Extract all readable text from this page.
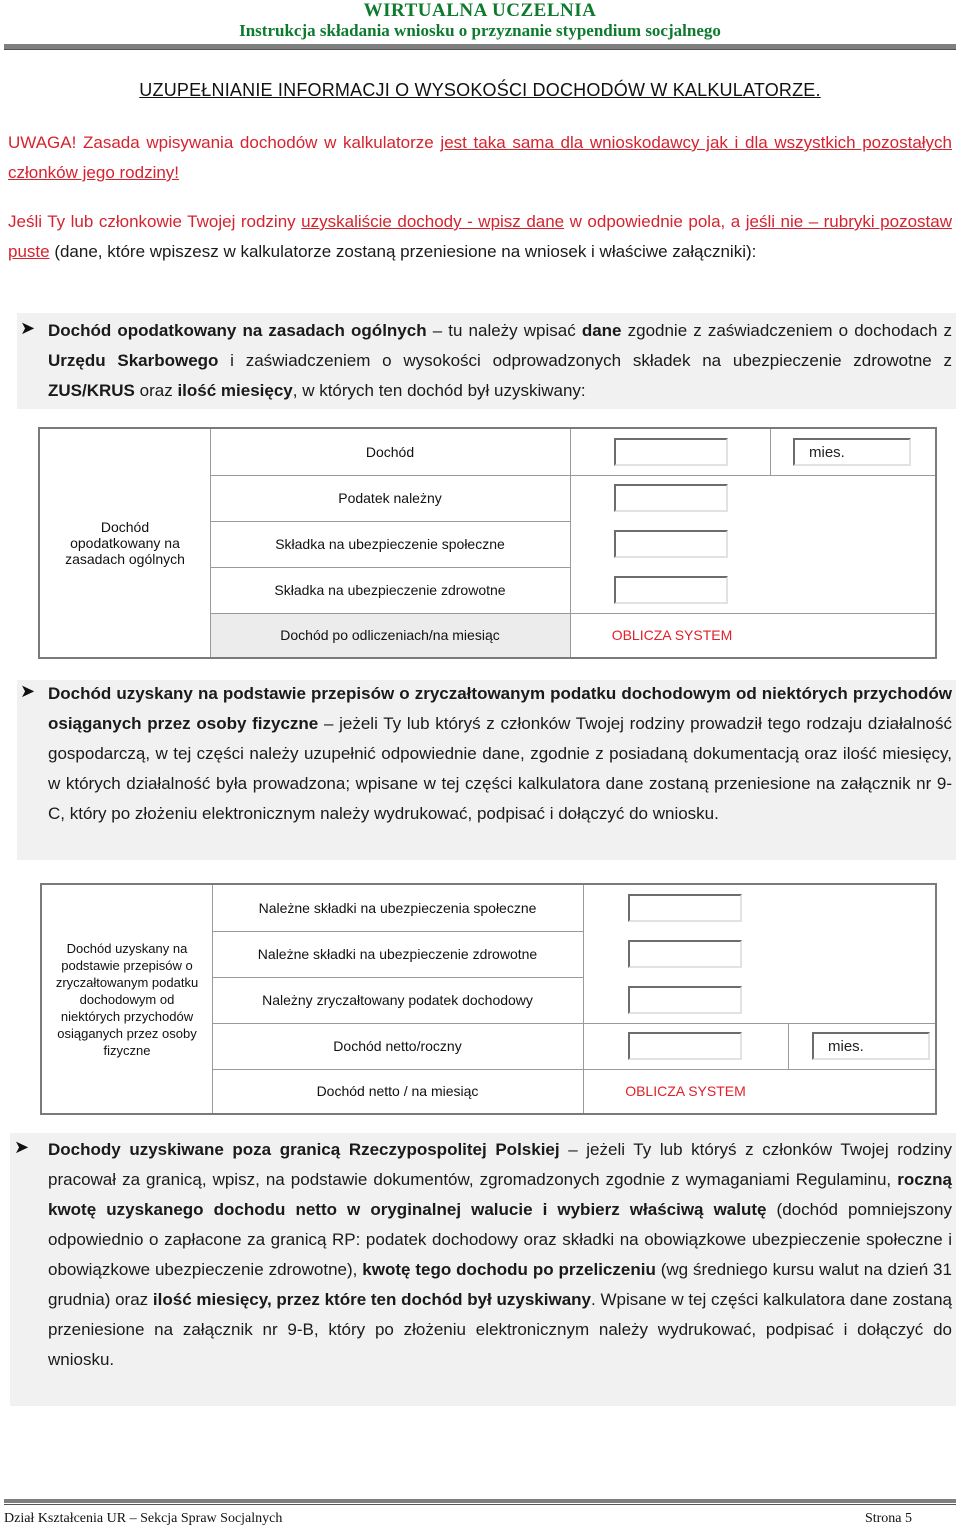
WIRTUALNA UCZELNIA
Instrukcja składania wniosku o przyznanie stypendium socjalnego
UZUPEŁNIANIE INFORMACJI O WYSOKOŚCI DOCHODÓW W KALKULATORZE.
UWAGA! Zasada wpisywania dochodów w kalkulatorze jest taka sama dla wnioskodawcy jak i dla wszystkich pozostałych członków jego rodziny!
Jeśli Ty lub członkowie Twojej rodziny uzyskaliście dochody - wpisz dane w odpowiednie pola, a jeśli nie – rubryki pozostaw puste (dane, które wpiszesz w kalkulatorze zostaną przeniesione na wniosek i właściwe załączniki):
➤ Dochód opodatkowany na zasadach ogólnych – tu należy wpisać dane zgodnie z zaświadczeniem o dochodach z Urzędu Skarbowego i zaświadczeniem o wysokości odprowadzonych składek na ubezpieczenie zdrowotne z ZUS/KRUS oraz ilość miesięcy, w których ten dochód był uzyskiwany:
Dochód opodatkowany na zasadach ogólnych
Dochód
Podatek należny
Składka na ubezpieczenie społeczne
Składka na ubezpieczenie zdrowotne
Dochód po odliczeniach/na miesiąc
mies.
OBLICZA SYSTEM
➤ Dochód uzyskany na podstawie przepisów o zryczałtowanym podatku dochodowym od niektórych przychodów osiąganych przez osoby fizyczne – jeżeli Ty lub któryś z członków Twojej rodziny prowadził tego rodzaju działalność gospodarczą, w tej części należy uzupełnić odpowiednie dane, zgodnie z posiadaną dokumentacją oraz ilość miesięcy, w których działalność była prowadzona; wpisane w tej części kalkulatora dane zostaną przeniesione na załącznik nr 9-C, który po złożeniu elektronicznym należy wydrukować, podpisać i dołączyć do wniosku.
Dochód uzyskany na podstawie przepisów o zryczałtowanym podatku dochodowym od niektórych przychodów osiąganych przez osoby fizyczne
Należne składki na ubezpieczenia społeczne
Należne składki na ubezpieczenie zdrowotne
Należny zryczałtowany podatek dochodowy
Dochód netto/roczny
Dochód netto / na miesiąc
mies.
OBLICZA SYSTEM
➤ Dochody uzyskiwane poza granicą Rzeczypospolitej Polskiej – jeżeli Ty lub któryś z członków Twojej rodziny pracował za granicą, wpisz, na podstawie dokumentów, zgromadzonych zgodnie z wymaganiami Regulaminu, roczną kwotę uzyskanego dochodu netto w oryginalnej walucie i wybierz właściwą walutę (dochód pomniejszony odpowiednio o zapłacone za granicą RP: podatek dochodowy oraz składki na obowiązkowe ubezpieczenie społeczne i obowiązkowe ubezpieczenie zdrowotne), kwotę tego dochodu po przeliczeniu (wg średniego kursu walut na dzień 31 grudnia) oraz ilość miesięcy, przez które ten dochód był uzyskiwany. Wpisane w tej części kalkulatora dane zostaną przeniesione na załącznik nr 9-B, który po złożeniu elektronicznym należy wydrukować, podpisać i dołączyć do wniosku.
Dział Kształcenia UR – Sekcja Spraw Socjalnych	Strona 5
